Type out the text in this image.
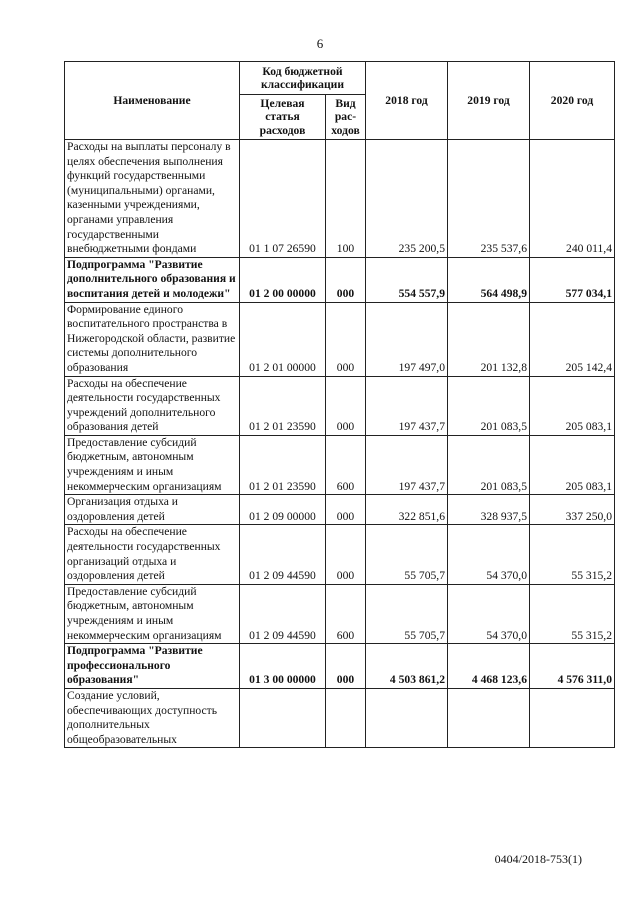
6
Наименование	Код бюджетной классификации		2018 год	2019 год	2020 год
	Целевая статья расходов	Вид рас-ходов			
Расходы на выплаты персоналу в целях обеспечения выполнения функций государственными (муниципальными) органами, казенными учреждениями, органами управления государственными внебюджетными фондами	01 1 07 26590	100	235 200,5	235 537,6	240 011,4
Подпрограмма "Развитие дополнительного образования и воспитания детей и молодежи"	01 2 00 00000	000	554 557,9	564 498,9	577 034,1
Формирование единого воспитательного пространства в Нижегородской области, развитие системы дополнительного образования	01 2 01 00000	000	197 497,0	201 132,8	205 142,4
Расходы на обеспечение деятельности государственных учреждений дополнительного образования детей	01 2 01 23590	000	197 437,7	201 083,5	205 083,1
Предоставление субсидий бюджетным, автономным учреждениям и иным некоммерческим организациям	01 2 01 23590	600	197 437,7	201 083,5	205 083,1
Организация отдыха и оздоровления детей	01 2 09 00000	000	322 851,6	328 937,5	337 250,0
Расходы на обеспечение деятельности государственных организаций отдыха и оздоровления детей	01 2 09 44590	000	55 705,7	54 370,0	55 315,2
Предоставление субсидий бюджетным, автономным учреждениям и иным некоммерческим организациям	01 2 09 44590	600	55 705,7	54 370,0	55 315,2
Подпрограмма "Развитие профессионального образования"	01 3 00 00000	000	4 503 861,2	4 468 123,6	4 576 311,0
Создание условий, обеспечивающих доступность дополнительных общеобразовательных					
0404/2018-753(1)
